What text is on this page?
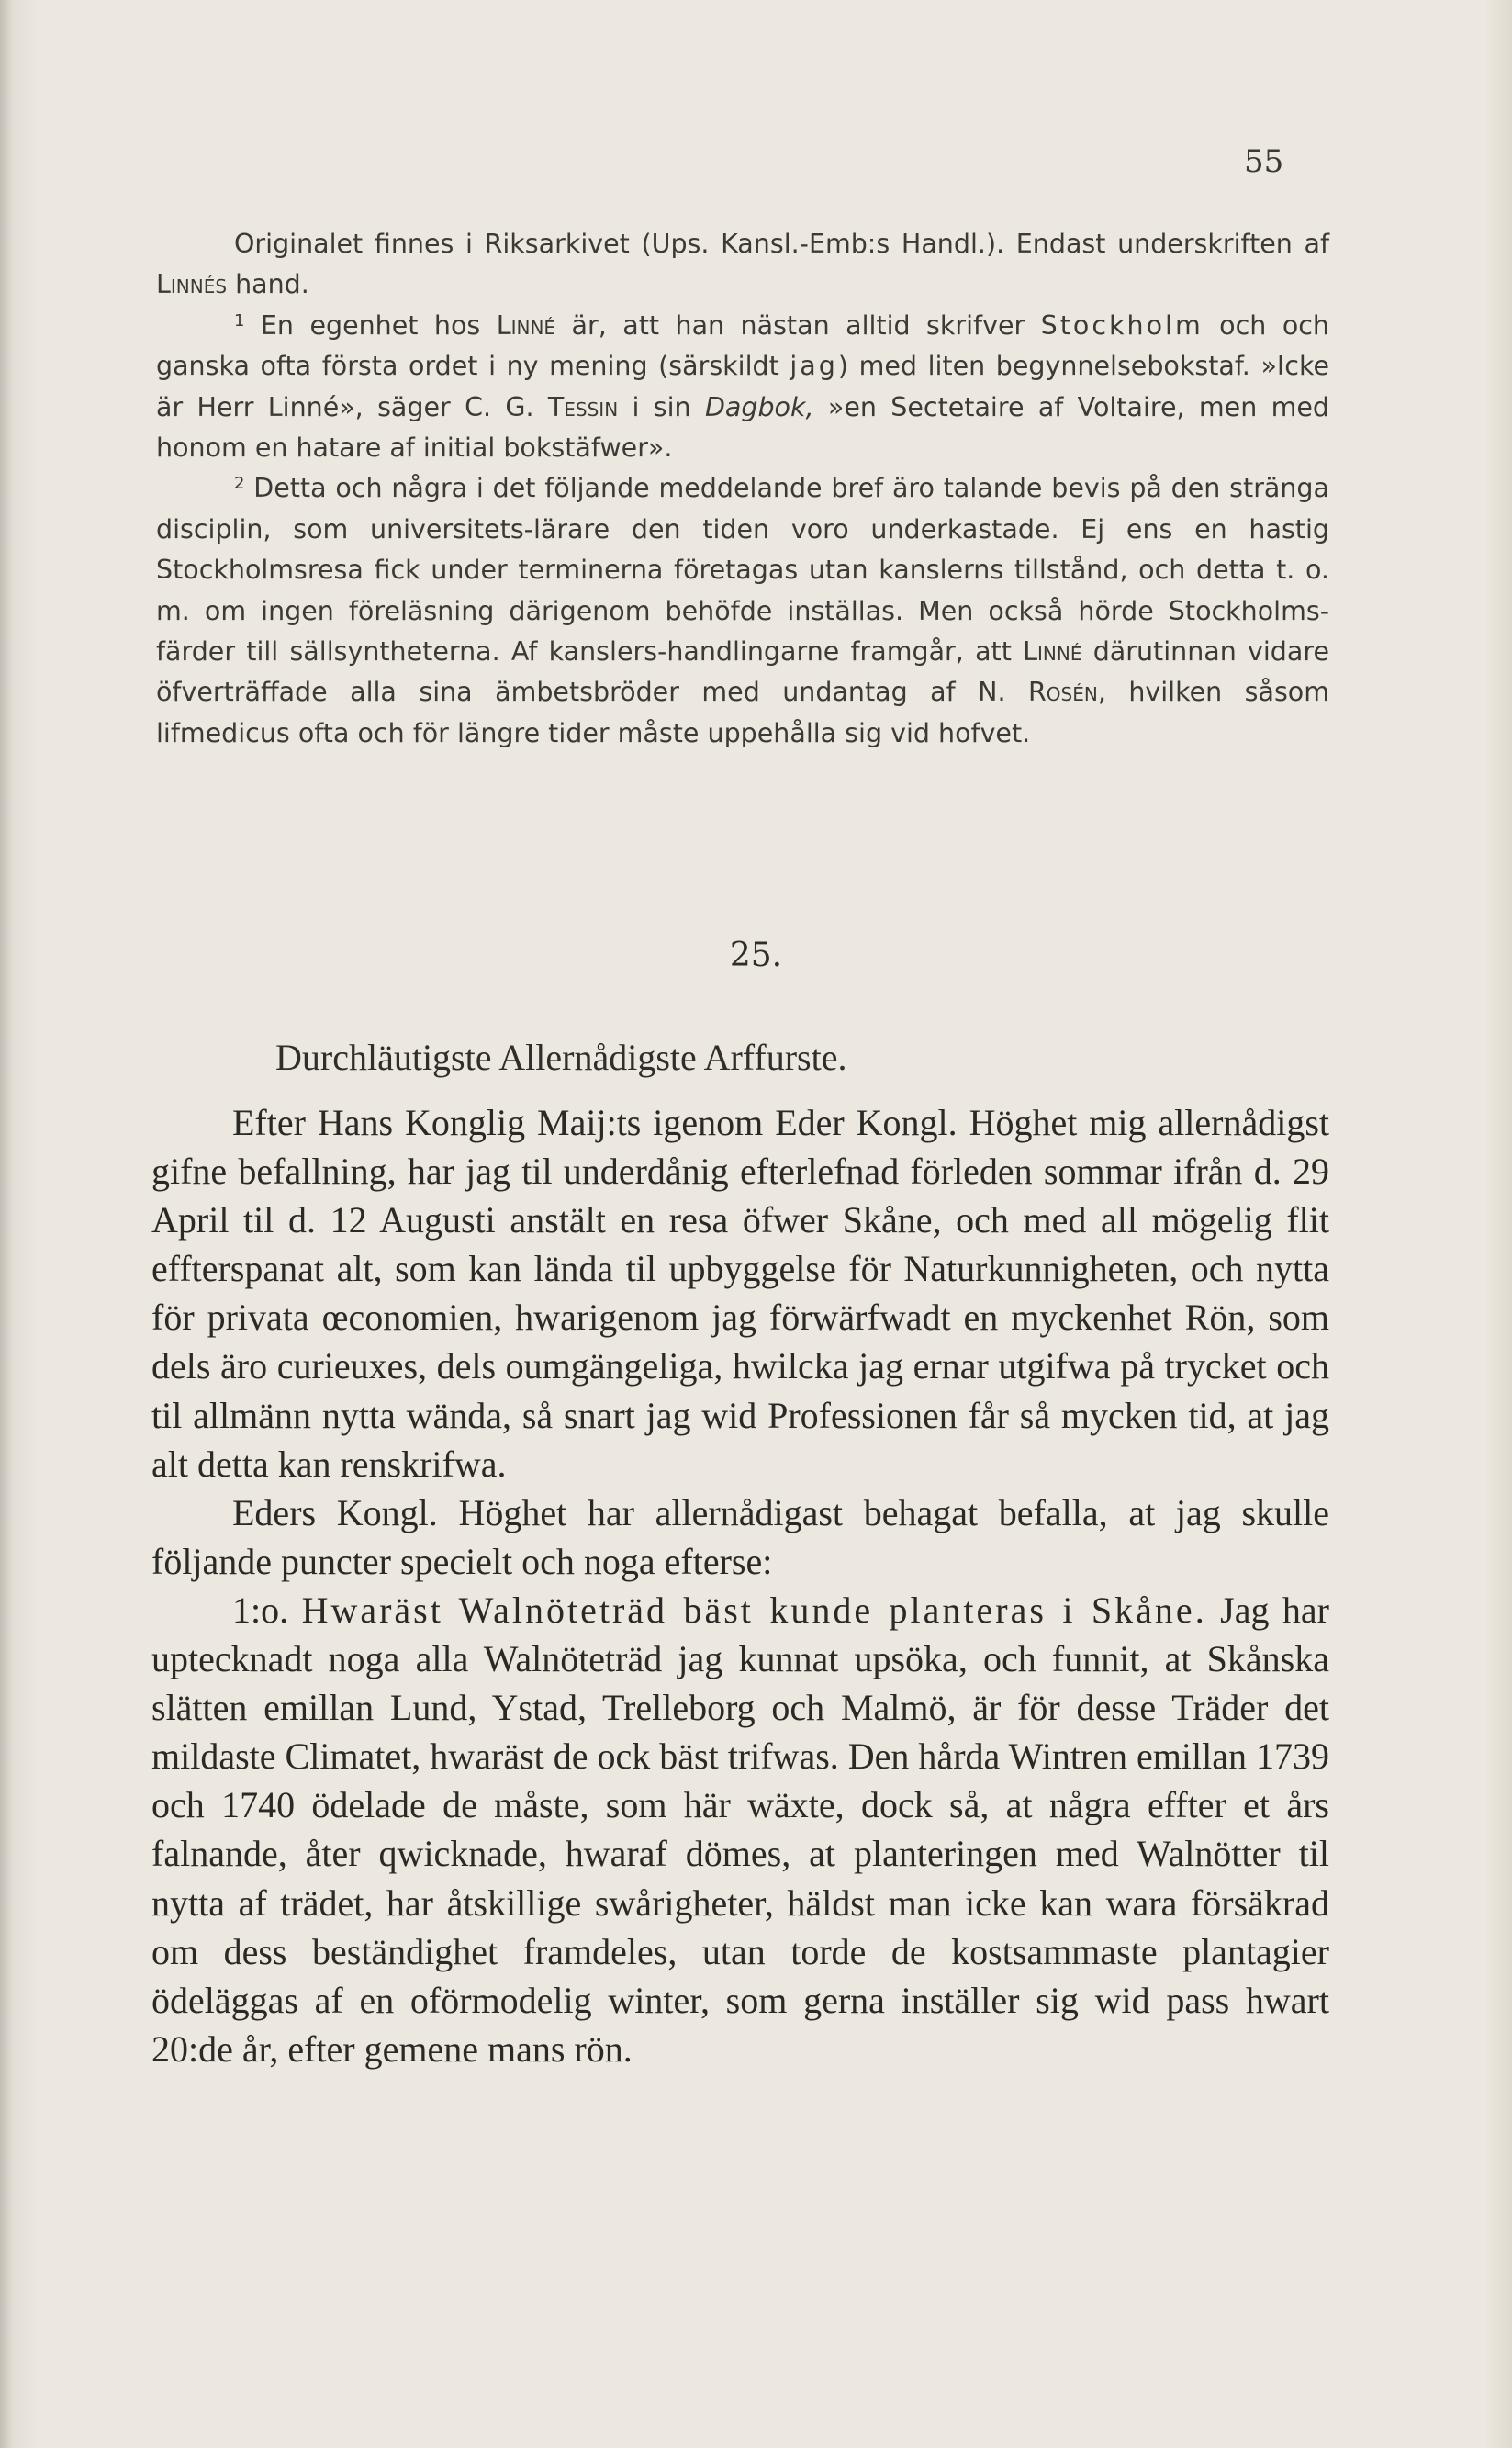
55

Originalet finnes i Riksarkivet (Ups. Kansl.-Emb:s Handl.). Endast underskriften af Linnés hand.

$^1$ En egenhet hos Linné är, att han nästan alltid skrifver Stockholm och och ganska ofta första ordet i ny mening (särskildt jag) med liten begynnelsebokstaf. »Icke är Herr Linné», säger C. G. Tessin i sin Dagbok, »en Sectetaire af Voltaire, men med honom en hatare af initial bokstäfwer».

$^2$ Detta och några i det följande meddelande bref äro talande bevis på den stränga disciplin, som universitets-lärare den tiden voro underkastade. Ej ens en hastig Stockholmsresa fick under terminerna företagas utan kanslerns tillstånd, och detta t. o. m. om ingen föreläsning därigenom behöfde inställas. Men också hörde Stockholms-färder till sällsyntheterna. Af kanslers-handlingarne framgår, att Linné därutinnan vidare öfverträffade alla sina ämbetsbröder med undantag af N. Rosén, hvilken såsom lifmedicus ofta och för längre tider måste uppehålla sig vid hofvet.

25.
Durchläutigste Allernådigste Arffurste.

Efter Hans Konglig Maij:ts igenom Eder Kongl. Höghet mig allernådigst gifne befallning, har jag til underdånig efterlefnad förleden sommar ifrån d. 29 April til d. 12 Augusti anstält en resa öfwer Skåne, och med all mögelig flit effterspanat alt, som kan lända til upbyggelse för Naturkunnigheten, och nytta för privata œconomien, hwarigenom jag förwärfwadt en myckenhet Rön, som dels äro curieuxes, dels oumgängeliga, hwilcka jag ernar utgifwa på trycket och til allmänn nytta wända, så snart jag wid Professionen får så mycken tid, at jag alt detta kan renskrifwa.

Eders Kongl. Höghet har allernådigast behagat befalla, at jag skulle följande puncter specielt och noga efterse:

1:o. Hwaräst Walnöteträd bäst kunde planteras i Skåne. Jag har uptecknadt noga alla Walnöteträd jag kunnat upsöka, och funnit, at Skånska slätten emillan Lund, Ystad, Trelleborg och Malmö, är för desse Träder det mildaste Climatet, hwaräst de ock bäst trifwas. Den hårda Wintren emillan 1739 och 1740 ödelade de måste, som här wäxte, dock så, at några effter et års falnande, åter qwicknade, hwaraf dömes, at planteringen med Walnötter til nytta af trädet, har åtskillige swårigheter, häldst man icke kan wara försäkrad om dess beständighet framdeles, utan torde de kostsammaste plantagier ödeläggas af en oförmodelig winter, som gerna inställer sig wid pass hwart 20:de år, efter gemene mans rön.
